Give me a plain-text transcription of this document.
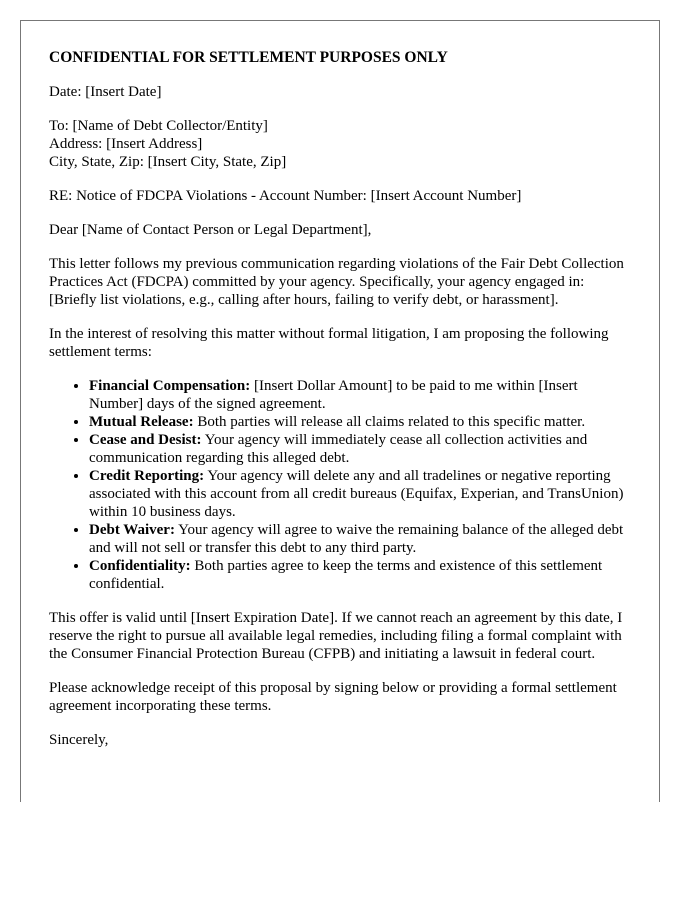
CONFIDENTIAL FOR SETTLEMENT PURPOSES ONLY

Date: [Insert Date]

To: [Name of Debt Collector/Entity]
Address: [Insert Address]
City, State, Zip: [Insert City, State, Zip]

RE: Notice of FDCPA Violations - Account Number: [Insert Account Number]

Dear [Name of Contact Person or Legal Department],

This letter follows my previous communication regarding violations of the Fair Debt Collection Practices Act (FDCPA) committed by your agency. Specifically, your agency engaged in: [Briefly list violations, e.g., calling after hours, failing to verify debt, or harassment].

In the interest of resolving this matter without formal litigation, I am proposing the following settlement terms:

• Financial Compensation: [Insert Dollar Amount] to be paid to me within [Insert Number] days of the signed agreement.
• Mutual Release: Both parties will release all claims related to this specific matter.
• Cease and Desist: Your agency will immediately cease all collection activities and communication regarding this alleged debt.
• Credit Reporting: Your agency will delete any and all tradelines or negative reporting associated with this account from all credit bureaus (Equifax, Experian, and TransUnion) within 10 business days.
• Debt Waiver: Your agency will agree to waive the remaining balance of the alleged debt and will not sell or transfer this debt to any third party.
• Confidentiality: Both parties agree to keep the terms and existence of this settlement confidential.

This offer is valid until [Insert Expiration Date]. If we cannot reach an agreement by this date, I reserve the right to pursue all available legal remedies, including filing a formal complaint with the Consumer Financial Protection Bureau (CFPB) and initiating a lawsuit in federal court.

Please acknowledge receipt of this proposal by signing below or providing a formal settlement agreement incorporating these terms.

Sincerely,
